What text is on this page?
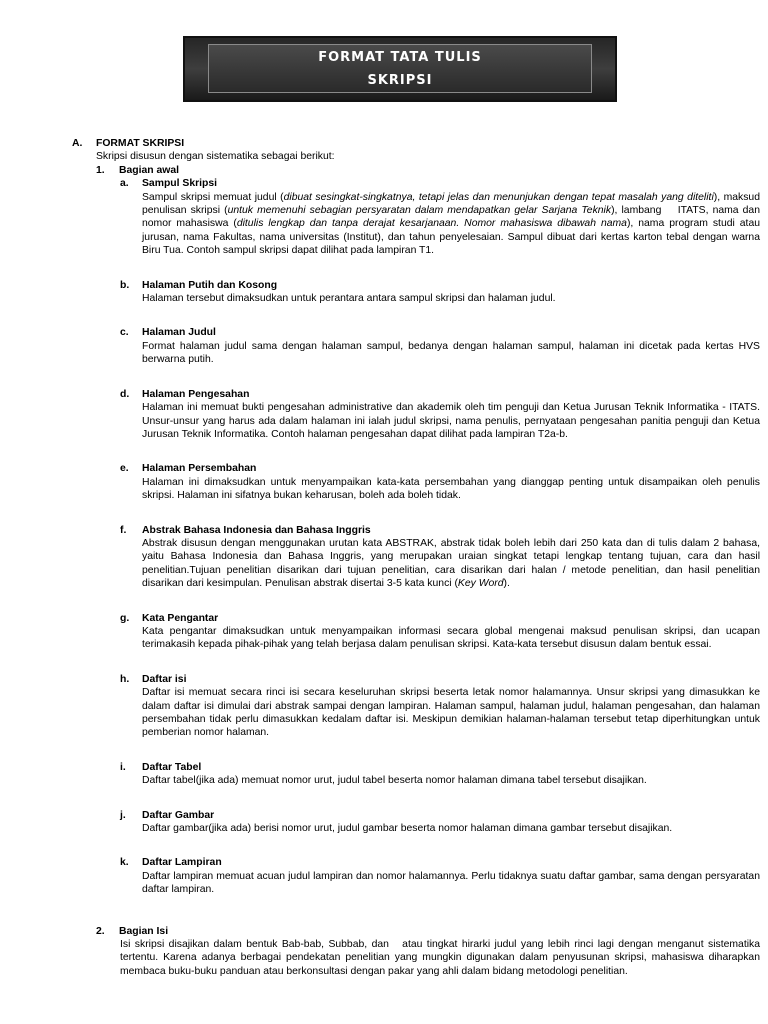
FORMAT TATA TULIS
SKRIPSI
A.	FORMAT SKRIPSI
Skripsi disusun dengan sistematika sebagai berikut:
1.	Bagian awal
a.	Sampul Skripsi
Sampul skripsi memuat judul (dibuat sesingkat-singkatnya, tetapi jelas dan menunjukan dengan tepat masalah yang diteliti), maksud penulisan skripsi (untuk memenuhi sebagian persyaratan dalam mendapatkan gelar Sarjana Teknik), lambang    ITATS, nama dan nomor mahasiswa (ditulis lengkap dan tanpa derajat kesarjanaan. Nomor mahasiswa dibawah nama), nama program studi atau jurusan, nama Fakultas, nama universitas (Institut), dan tahun penyelesaian. Sampul dibuat dari kertas karton tebal dengan warna Biru Tua. Contoh sampul skripsi dapat dilihat pada lampiran T1.
b.	Halaman Putih dan Kosong
Halaman tersebut dimaksudkan untuk perantara antara sampul skripsi dan halaman judul.
c.	Halaman Judul
Format halaman judul sama dengan halaman sampul, bedanya dengan halaman sampul, halaman ini dicetak pada kertas HVS berwarna putih.
d.	Halaman Pengesahan
Halaman ini memuat bukti pengesahan administrative dan akademik oleh tim penguji dan Ketua Jurusan Teknik Informatika - ITATS. Unsur-unsur yang harus ada dalam halaman ini ialah judul skripsi, nama penulis, pernyataan pengesahan panitia penguji dan Ketua Jurusan Teknik Informatika. Contoh halaman pengesahan dapat dilihat pada lampiran T2a-b.
e.	Halaman Persembahan
Halaman ini dimaksudkan untuk menyampaikan kata-kata persembahan yang dianggap penting untuk disampaikan oleh penulis skripsi. Halaman ini sifatnya bukan keharusan, boleh ada boleh tidak.
f.	Abstrak Bahasa Indonesia dan Bahasa Inggris
Abstrak disusun dengan menggunakan urutan kata ABSTRAK, abstrak tidak boleh lebih dari 250 kata dan di tulis dalam 2 bahasa, yaitu Bahasa Indonesia dan Bahasa Inggris, yang merupakan uraian singkat tetapi lengkap tentang tujuan, cara dan hasil penelitian.Tujuan penelitian disarikan dari tujuan penelitian, cara disarikan dari halan / metode penelitian, dan hasil penelitian disarikan dari kesimpulan. Penulisan abstrak disertai 3-5 kata kunci (Key Word).
g.	Kata Pengantar
Kata pengantar dimaksudkan untuk menyampaikan informasi secara global mengenai maksud penulisan skripsi, dan ucapan terimakasih kepada pihak-pihak yang telah berjasa dalam penulisan skripsi. Kata-kata tersebut disusun dalam bentuk essai.
h.	Daftar isi
Daftar isi memuat secara rinci isi secara keseluruhan skripsi beserta letak nomor halamannya. Unsur skripsi yang dimasukkan ke dalam daftar isi dimulai dari abstrak sampai dengan lampiran. Halaman sampul, halaman judul, halaman pengesahan, dan halaman persembahan tidak perlu dimasukkan kedalam daftar isi. Meskipun demikian halaman-halaman tersebut tetap diperhitungkan untuk pemberian nomor halaman.
i.	Daftar Tabel
Daftar tabel(jika ada) memuat nomor urut, judul tabel beserta nomor halaman dimana tabel tersebut disajikan.
j.	Daftar Gambar
Daftar gambar(jika ada) berisi nomor urut, judul gambar beserta nomor halaman dimana gambar tersebut disajikan.
k.	Daftar Lampiran
Daftar lampiran memuat acuan judul lampiran dan nomor halamannya. Perlu tidaknya suatu daftar gambar, sama dengan persyaratan daftar lampiran.
2.	Bagian Isi
Isi skripsi disajikan dalam bentuk Bab-bab, Subbab, dan   atau tingkat hirarki judul yang lebih rinci lagi dengan menganut sistematika tertentu. Karena adanya berbagai pendekatan penelitian yang mungkin digunakan dalam penyusunan skripsi, mahasiswa diharapkan membaca buku-buku panduan atau berkonsultasi dengan pakar yang ahli dalam bidang metodologi penelitian.
